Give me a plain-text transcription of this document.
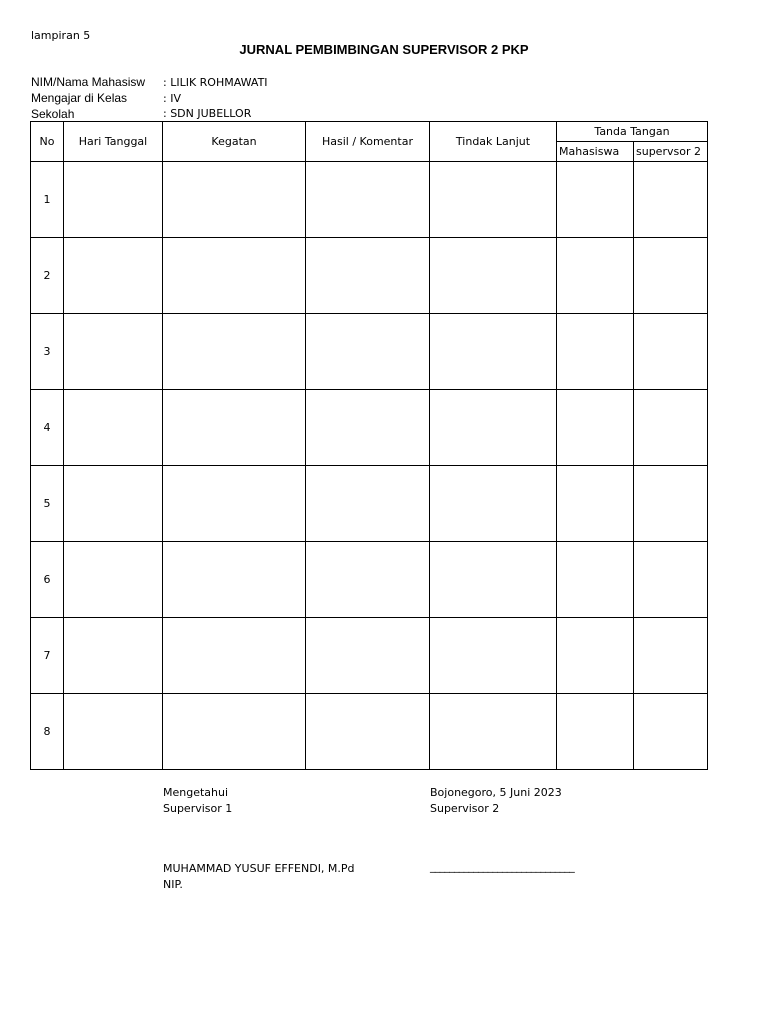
lampiran 5
JURNAL PEMBIMBINGAN SUPERVISOR 2 PKP
NIM/Nama Mahasisw : LILIK ROHMAWATI
Mengajar di Kelas	: IV
Sekolah	: SDN JUBELLOR
No	Hari Tanggal	Kegatan	Hasil / Komentar	Tindak Lanjut	Tanda Tangan	
					Mahasiswa	supervsor 2
1						
2						
3						
4						
5						
6						
7						
8						
Mengetahui
Supervisor 1
Bojonegoro, 5 Juni 2023
Supervisor 2
MUHAMMAD YUSUF EFFENDI, M.Pd
NIP.
______________________________
